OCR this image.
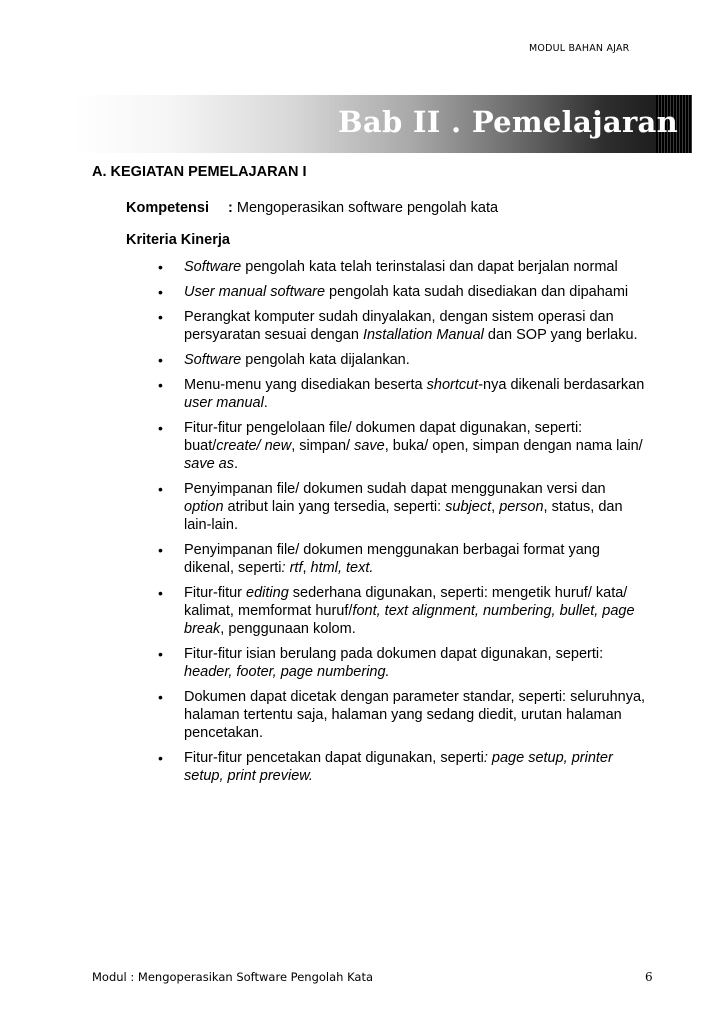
MODUL BAHAN AJAR
Bab II . Pemelajaran
A. KEGIATAN PEMELAJARAN I
Kompetensi : Mengoperasikan software pengolah kata
Kriteria Kinerja
• Software pengolah kata telah terinstalasi dan dapat berjalan normal
• User manual software pengolah kata sudah disediakan dan dipahami
• Perangkat komputer sudah dinyalakan, dengan sistem operasi dan persyaratan sesuai dengan Installation Manual dan SOP yang berlaku.
• Software pengolah kata dijalankan.
• Menu-menu yang disediakan beserta shortcut-nya dikenali berdasarkan user manual.
• Fitur-fitur pengelolaan file/ dokumen dapat digunakan, seperti: buat/create/ new, simpan/ save, buka/ open, simpan dengan nama lain/ save as.
• Penyimpanan file/ dokumen sudah dapat menggunakan versi dan option atribut lain yang tersedia, seperti: subject, person, status, dan lain-lain.
• Penyimpanan file/ dokumen menggunakan berbagai format yang dikenal, seperti: rtf, html, text.
• Fitur-fitur editing sederhana digunakan, seperti: mengetik huruf/ kata/ kalimat, memformat huruf/font, text alignment, numbering, bullet, page break, penggunaan kolom.
• Fitur-fitur isian berulang pada dokumen dapat digunakan, seperti: header, footer, page numbering.
• Dokumen dapat dicetak dengan parameter standar, seperti: seluruhnya, halaman tertentu saja, halaman yang sedang diedit, urutan halaman pencetakan.
• Fitur-fitur pencetakan dapat digunakan, seperti: page setup, printer setup, print preview.
Modul : Mengoperasikan Software Pengolah Kata	6
